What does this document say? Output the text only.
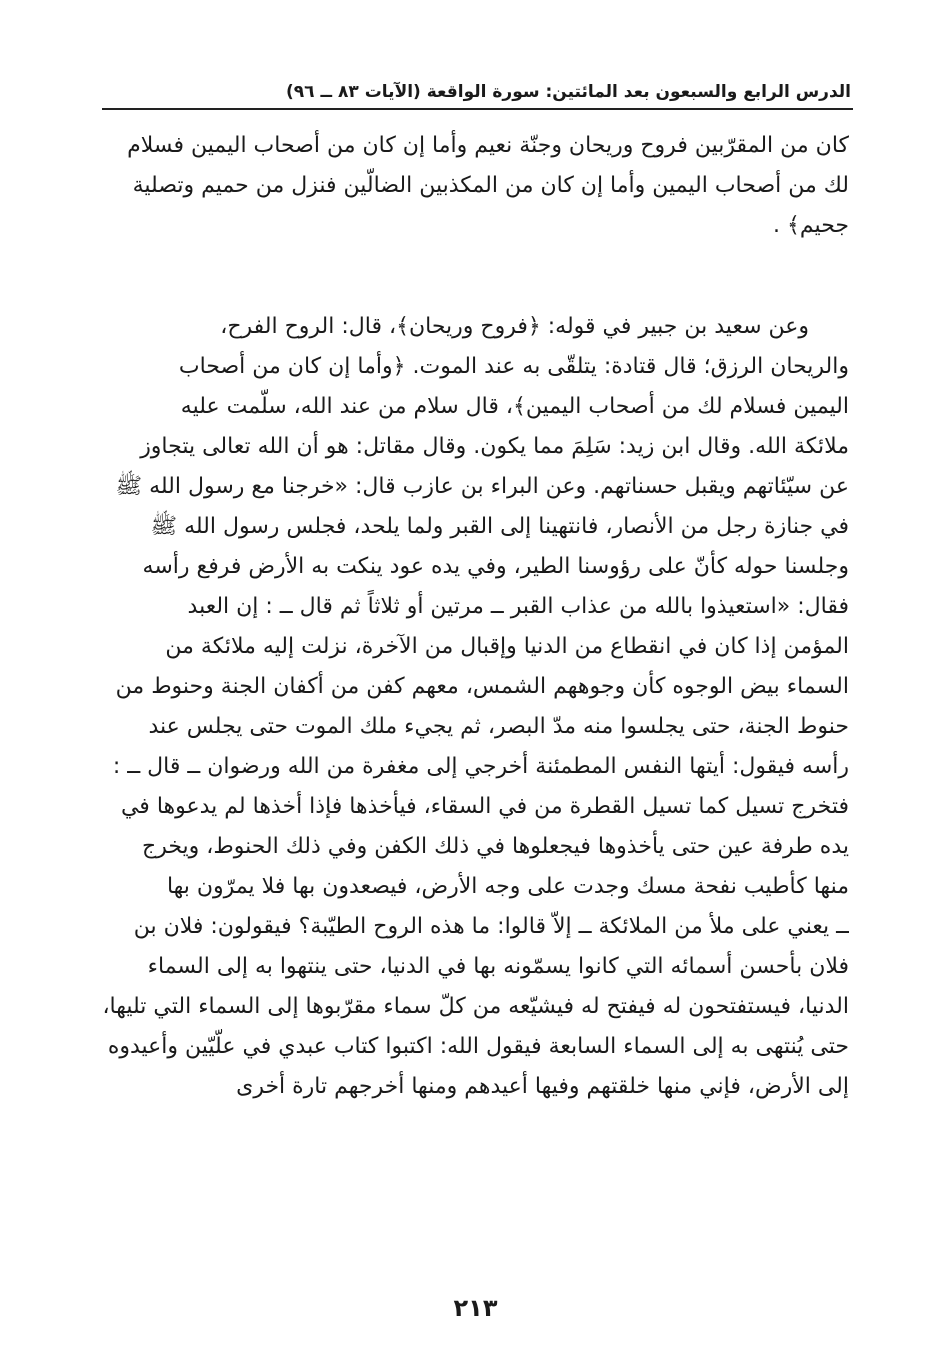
الدرس الرابع والسبعون بعد المائتين: سورة الواقعة (الآيات ٨٣ ــ ٩٦)
كان من المقرّبين فروح وريحان وجنّة نعيم وأما إن كان من أصحاب اليمين فسلام
لك من أصحاب اليمين وأما إن كان من المكذبين الضالّين فنزل من حميم وتصلية
جحيم﴾ .
وعن سعيد بن جبير في قوله: ﴿فروح وريحان﴾، قال: الروح الفرح،
والريحان الرزق؛ قال قتادة: يتلقّى به عند الموت. ﴿وأما إن كان من أصحاب
اليمين فسلام لك من أصحاب اليمين﴾، قال سلام من عند الله، سلّمت عليه
ملائكة الله. وقال ابن زيد: سَلِمَ مما يكون. وقال مقاتل: هو أن الله تعالى يتجاوز
عن سيّئاتهم ويقبل حسناتهم. وعن البراء بن عازب قال: «خرجنا مع رسول الله ﷺ
في جنازة رجل من الأنصار، فانتهينا إلى القبر ولما يلحد، فجلس رسول الله ﷺ
وجلسنا حوله كأنّ على رؤوسنا الطير، وفي يده عود ينكت به الأرض فرفع رأسه
فقال: «استعيذوا بالله من عذاب القبر ــ مرتين أو ثلاثاً ثم قال ــ : إن العبد
المؤمن إذا كان في انقطاع من الدنيا وإقبال من الآخرة، نزلت إليه ملائكة من
السماء بيض الوجوه كأن وجوههم الشمس، معهم كفن من أكفان الجنة وحنوط من
حنوط الجنة، حتى يجلسوا منه مدّ البصر، ثم يجيء ملك الموت حتى يجلس عند
رأسه فيقول: أيتها النفس المطمئنة أخرجي إلى مغفرة من الله ورضوان ــ قال ــ :
فتخرج تسيل كما تسيل القطرة من في السقاء، فيأخذها فإذا أخذها لم يدعوها في
يده طرفة عين حتى يأخذوها فيجعلوها في ذلك الكفن وفي ذلك الحنوط، ويخرج
منها كأطيب نفحة مسك وجدت على وجه الأرض، فيصعدون بها فلا يمرّون بها
ــ يعني على ملأ من الملائكة ــ إلاّ قالوا: ما هذه الروح الطيّبة؟ فيقولون: فلان بن
فلان بأحسن أسمائه التي كانوا يسمّونه بها في الدنيا، حتى ينتهوا به إلى السماء
الدنيا، فيستفتحون له فيفتح له فيشيّعه من كلّ سماء مقرّبوها إلى السماء التي تليها،
حتى يُنتهى به إلى السماء السابعة فيقول الله: اكتبوا كتاب عبدي في علّيّين وأعيدوه
إلى الأرض، فإني منها خلقتهم وفيها أعيدهم ومنها أخرجهم تارة أخرى
٢١٣
